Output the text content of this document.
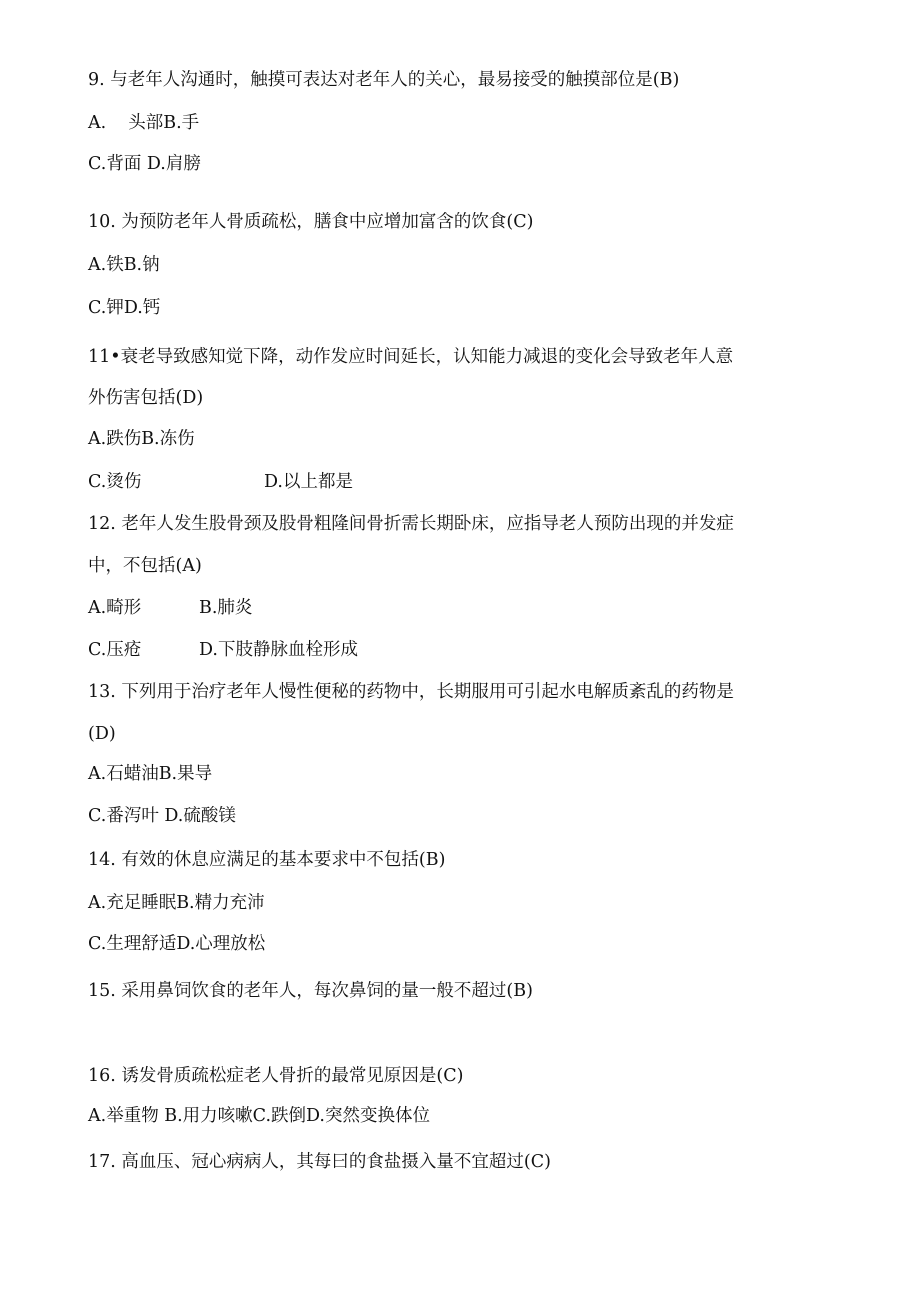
9. 与老年人沟通时，触摸可表达对老年人的关心，最易接受的触摸部位是(B)
A. 头部B.手
C.背面 D.肩膀
10. 为预防老年人骨质疏松，膳食中应增加富含的饮食(C)
A.铁B.钠
C.钾D.钙
11•衰老导致感知觉下降，动作发应时间延长，认知能力减退的变化会导致老年人意
外伤害包括(D)
A.跌伤B.冻伤
C.烫伤	D.以上都是
12. 老年人发生股骨颈及股骨粗隆间骨折需长期卧床，应指导老人预防出现的并发症
中，不包括(A)
A.畸形	B.肺炎
C.压疮	D.下肢静脉血栓形成
13. 下列用于治疗老年人慢性便秘的药物中，长期服用可引起水电解质紊乱的药物是
(D)
A.石蜡油B.果导
C.番泻叶 D.硫酸镁
14. 有效的休息应满足的基本要求中不包括(B)
A.充足睡眠B.精力充沛
C.生理舒适D.心理放松
15. 采用鼻饲饮食的老年人，每次鼻饲的量一般不超过(B)
16. 诱发骨质疏松症老人骨折的最常见原因是(C)
A.举重物 B.用力咳嗽C.跌倒D.突然变换体位
17. 高血压、冠心病病人，其每曰的食盐摄入量不宜超过(C)
